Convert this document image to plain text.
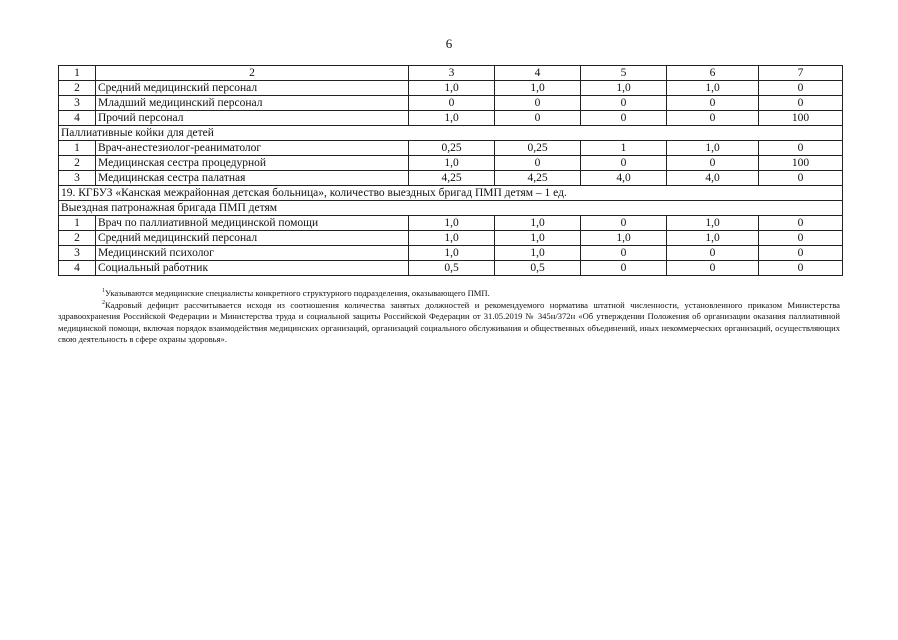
6
1	2	3	4	5	6	7
2	Средний медицинский персонал	1,0	1,0	1,0	1,0	0
3	Младший медицинский персонал	0	0	0	0	0
4	Прочий персонал	1,0	0	0	0	100
Паллиативные койки для детей						
1	Врач-анестезиолог-реаниматолог	0,25	0,25	1	1,0	0
2	Медицинская сестра процедурной	1,0	0	0	0	100
3	Медицинская сестра палатная	4,25	4,25	4,0	4,0	0
19. КГБУЗ «Канская межрайонная детская больница», количество выездных бригад ПМП детям – 1 ед.						
Выездная патронажная бригада ПМП детям						
1	Врач по паллиативной медицинской помощи	1,0	1,0	0	1,0	0
2	Средний медицинский персонал	1,0	1,0	1,0	1,0	0
3	Медицинский психолог	1,0	1,0	0	0	0
4	Социальный работник	0,5	0,5	0	0	0

$^1$Указываются медицинские специалисты конкретного структурного подразделения, оказывающего ПМП.

$^2$Кадровый дефицит рассчитывается исходя из соотношения количества занятых должностей и рекомендуемого норматива штатной численности, установленного приказом Министерства здравоохранения Российской Федерации и Министерства труда и социальной защиты Российской Федерации от 31.05.2019 № 345н/372н «Об утверждении Положения об организации оказания паллиативной медицинской помощи, включая порядок взаимодействия медицинских организаций, организаций социального обслуживания и общественных объединений, иных некоммерческих организаций, осуществляющих свою деятельность в сфере охраны здоровья».
